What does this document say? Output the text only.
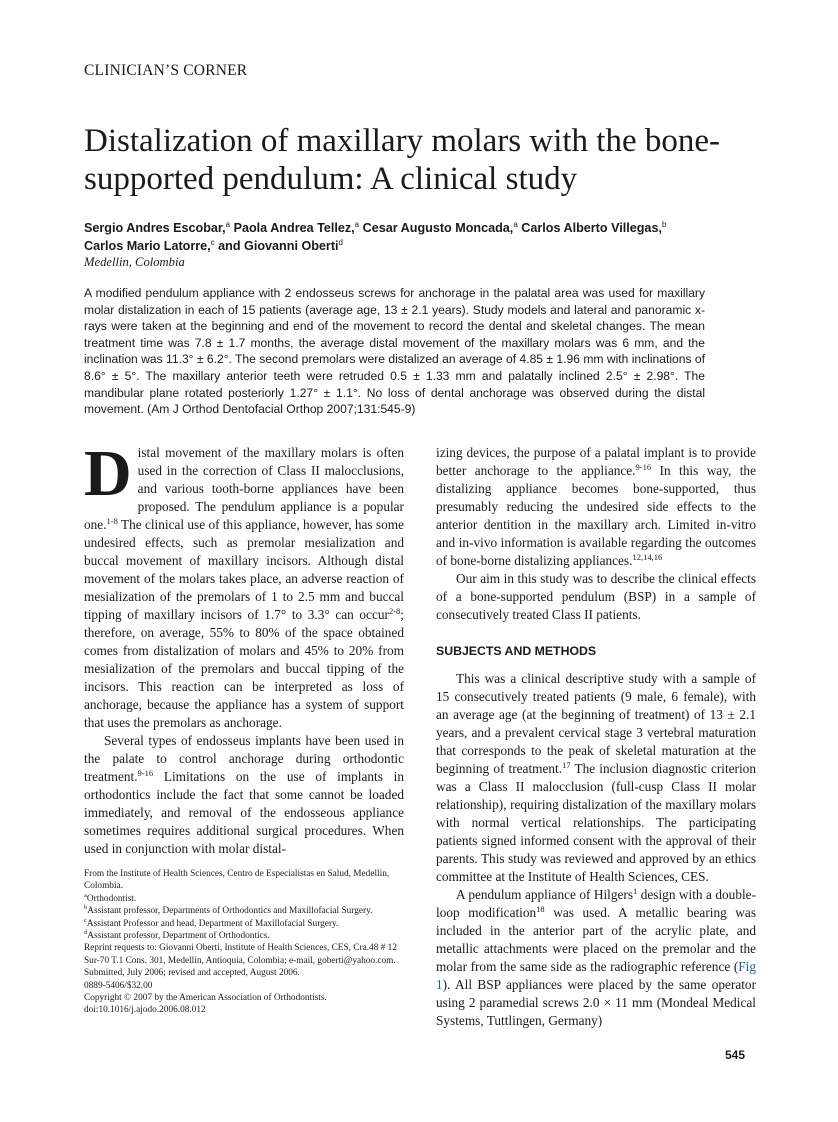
CLINICIAN’S CORNER
Distalization of maxillary molars with the bone-supported pendulum: A clinical study
Sergio Andres Escobar,$^a$ Paola Andrea Tellez,$^a$ Cesar Augusto Moncada,$^a$ Carlos Alberto Villegas,$^b$
Carlos Mario Latorre,$^c$ and Giovanni Oberti$^d$
Medellin, Colombia

A modified pendulum appliance with 2 endosseus screws for anchorage in the palatal area was used for maxillary molar distalization in each of 15 patients (average age, 13 ± 2.1 years). Study models and lateral and panoramic x-rays were taken at the beginning and end of the movement to record the dental and skeletal changes. The mean treatment time was 7.8 ± 1.7 months, the average distal movement of the maxillary molars was 6 mm, and the inclination was 11.3° ± 6.2°. The second premolars were distalized an average of 4.85 ± 1.96 mm with inclinations of 8.6° ± 5°. The maxillary anterior teeth were retruded 0.5 ± 1.33 mm and palatally inclined 2.5° ± 2.98°. The mandibular plane rotated posteriorly 1.27° ± 1.1°. No loss of dental anchorage was observed during the distal movement. (Am J Orthod Dentofacial Orthop 2007;131:545-9)

Distal movement of the maxillary molars is often used in the correction of Class II malocclusions, and various tooth-borne appliances have been proposed. The pendulum appliance is a popular one.$^{1-8}$ The clinical use of this appliance, however, has some undesired effects, such as premolar mesialization and buccal movement of maxillary incisors. Although distal movement of the molars takes place, an adverse reaction of mesialization of the premolars of 1 to 2.5 mm and buccal tipping of maxillary incisors of 1.7° to 3.3° can occur$^{2-8}$; therefore, on average, 55% to 80% of the space obtained comes from distalization of molars and 45% to 20% from mesialization of the premolars and buccal tipping of the incisors. This reaction can be interpreted as loss of anchorage, because the appliance has a system of support that uses the premolars as anchorage.

Several types of endosseus implants have been used in the palate to control anchorage during orthodontic treatment.$^{9-16}$ Limitations on the use of implants in orthodontics include the fact that some cannot be loaded immediately, and removal of the endosseous appliance sometimes requires additional surgical procedures. When used in conjunction with molar distal-

izing devices, the purpose of a palatal implant is to provide better anchorage to the appliance.$^{9-16}$ In this way, the distalizing appliance becomes bone-supported, thus presumably reducing the undesired side effects to the anterior dentition in the maxillary arch. Limited in-vitro and in-vivo information is available regarding the outcomes of bone-borne distalizing appliances.$^{12,14,16}$

Our aim in this study was to describe the clinical effects of a bone-supported pendulum (BSP) in a sample of consecutively treated Class II patients.

SUBJECTS AND METHODS

This was a clinical descriptive study with a sample of 15 consecutively treated patients (9 male, 6 female), with an average age (at the beginning of treatment) of 13 ± 2.1 years, and a prevalent cervical stage 3 vertebral maturation that corresponds to the peak of skeletal maturation at the beginning of treatment.$^{17}$ The inclusion diagnostic criterion was a Class II malocclusion (full-cusp Class II molar relationship), requiring distalization of the maxillary molars with normal vertical relationships. The participating patients signed informed consent with the approval of their parents. This study was reviewed and approved by an ethics committee at the Institute of Health Sciences, CES.

A pendulum appliance of Hilgers$^1$ design with a double-loop modification$^{18}$ was used. A metallic bearing was included in the anterior part of the acrylic plate, and metallic attachments were placed on the premolar and the molar from the same side as the radiographic reference (Fig 1). All BSP appliances were placed by the same operator using 2 paramedial screws 2.0 × 11 mm (Mondeal Medical Systems, Tuttlingen, Germany)

From the Institute of Health Sciences, Centro de Especialistas en Salud, Medellin, Colombia.
$^a$Orthodontist.
$^b$Assistant professor, Departments of Orthodontics and Maxillofacial Surgery.
$^c$Assistant Professor and head, Department of Maxillofacial Surgery.
$^d$Assistant professor, Department of Orthodontics.
Reprint requests to: Giovanni Oberti, Institute of Health Sciences, CES, Cra.48 # 12 Sur-70 T.1 Cons. 301, Medellin, Antioquia, Colombia; e-mail, goberti@yahoo.com.
Submitted, July 2006; revised and accepted, August 2006.
0889-5406/$32.00
Copyright © 2007 by the American Association of Orthodontists.
doi:10.1016/j.ajodo.2006.08.012
545
